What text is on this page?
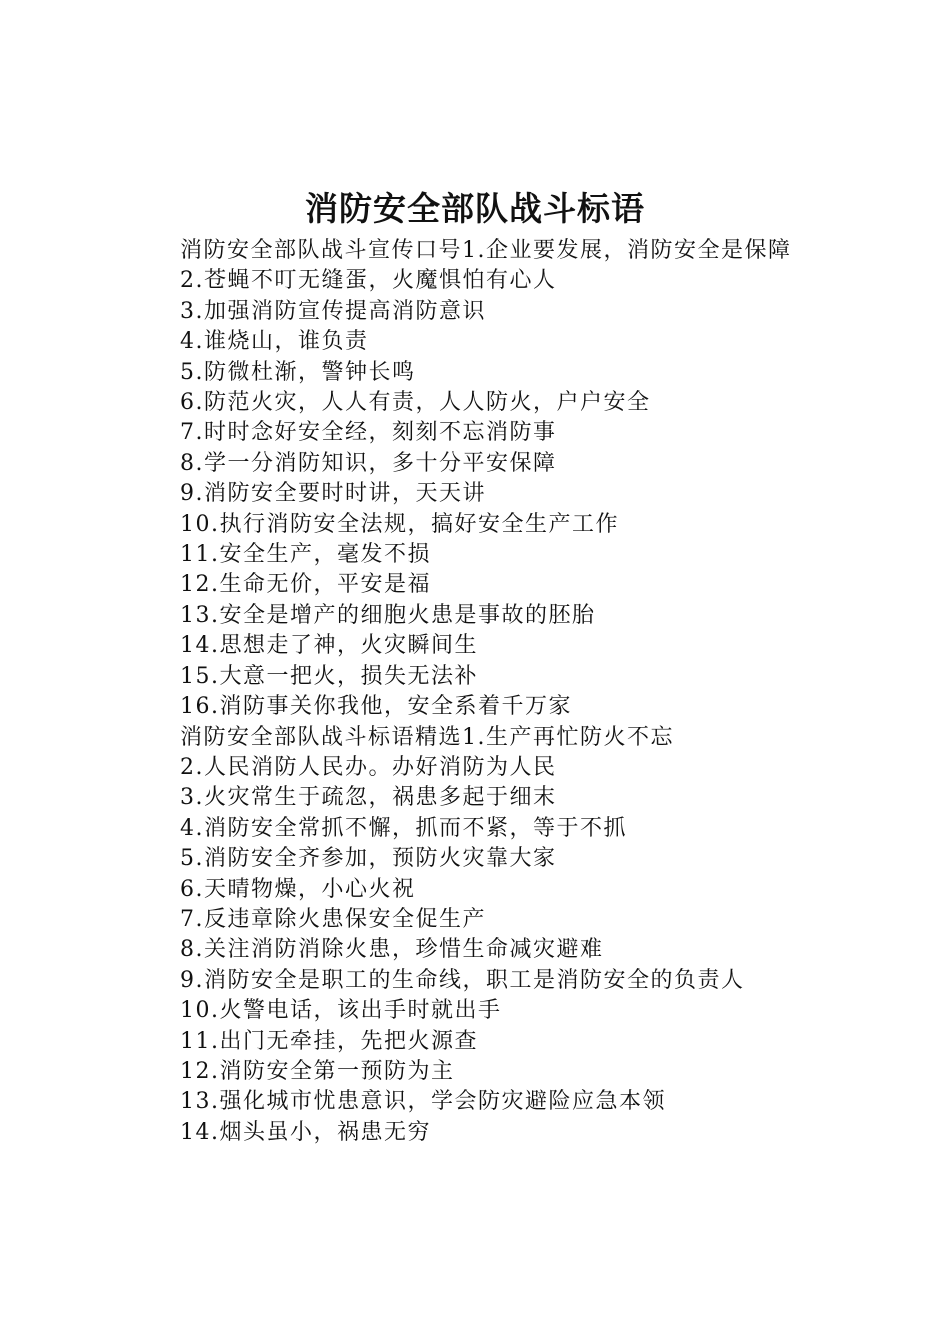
消防安全部队战斗标语

消防安全部队战斗宣传口号1.企业要发展，消防安全是保障

2.苍蝇不叮无缝蛋，火魔惧怕有心人

3.加强消防宣传提高消防意识

4.谁烧山，谁负责

5.防微杜渐，警钟长鸣

6.防范火灾，人人有责，人人防火，户户安全

7.时时念好安全经，刻刻不忘消防事

8.学一分消防知识，多十分平安保障

9.消防安全要时时讲，天天讲

10.执行消防安全法规，搞好安全生产工作

11.安全生产，毫发不损

12.生命无价，平安是福

13.安全是增产的细胞火患是事故的胚胎

14.思想走了神，火灾瞬间生

15.大意一把火，损失无法补

16.消防事关你我他，安全系着千万家

消防安全部队战斗标语精选1.生产再忙防火不忘

2.人民消防人民办。办好消防为人民

3.火灾常生于疏忽，祸患多起于细末

4.消防安全常抓不懈，抓而不紧，等于不抓

5.消防安全齐参加，预防火灾靠大家

6.天晴物燥，小心火祝

7.反违章除火患保安全促生产

8.关注消防消除火患，珍惜生命减灾避难

9.消防安全是职工的生命线，职工是消防安全的负责人

10.火警电话，该出手时就出手

11.出门无牵挂，先把火源查

12.消防安全第一预防为主

13.强化城市忧患意识，学会防灾避险应急本领

14.烟头虽小，祸患无穷
